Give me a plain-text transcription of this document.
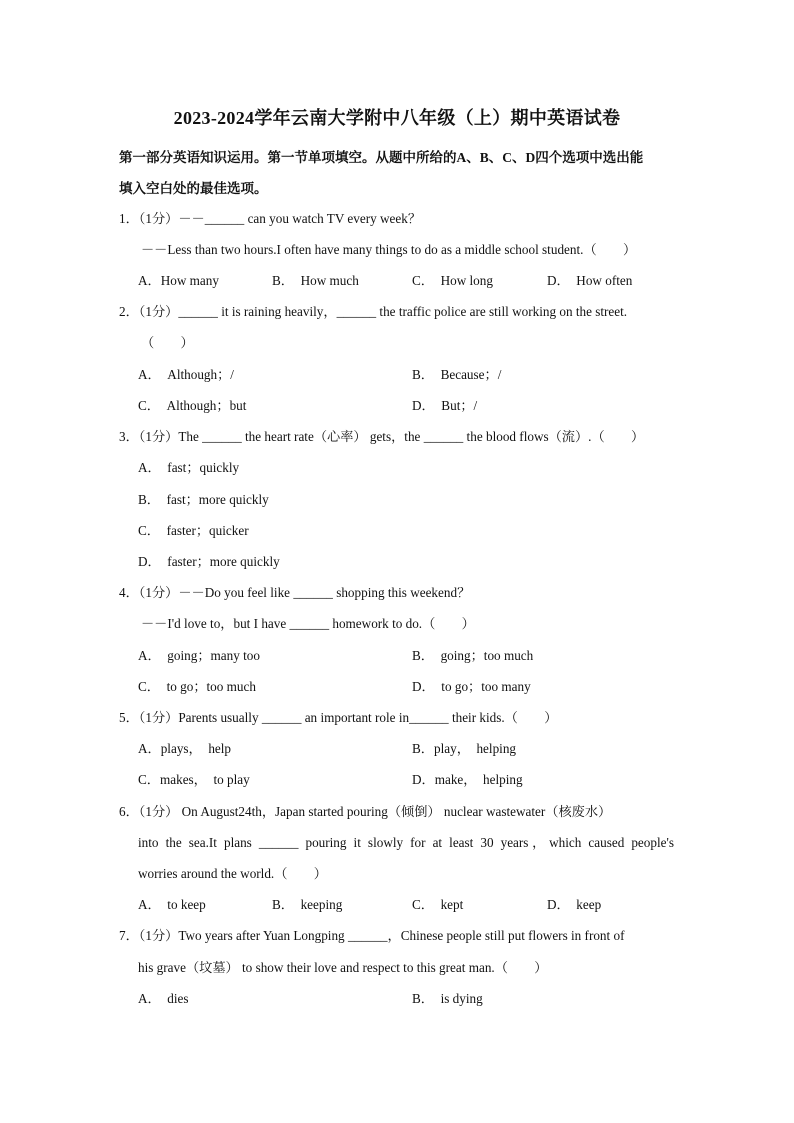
2023-2024学年云南大学附中八年级（上）期中英语试卷
第一部分英语知识运用。第一节单项填空。从题中所给的A、B、C、D四个选项中选出能
填入空白处的最佳选项。
1．（1分）－－______ can you watch TV every week？
－－Less than two hours.I often have many things to do as a middle school student.（　　）
A．How many	B．　How much	C．　How long	D．　How often
2．（1分）______ it is raining heavily，______ the traffic police are still working on the street.
（　　）
A．　Although；/	B．　Because；/
C．　Although；but	D．　But；/
3．（1分）The ______ the heart rate（心率） gets，the ______ the blood flows（流）.（　　）
A．　fast；quickly
B．　fast；more quickly
C．　faster；quicker
D．　faster；more quickly
4．（1分）－－Do you feel like ______ shopping this weekend？
－－I'd love to，but I have ______ homework to do.（　　）
A．　going；many too	B．　going；too much
C．　to go；too much	D．　to go；too many
5．（1分）Parents usually ______ an important role in______ their kids.（　　）
A．plays，　help	B．play，　helping
C．makes，　to play	D．make，　helping
6．（1分） On August24th，Japan started pouring（倾倒） nuclear wastewater（核废水）
into the sea.It plans ______ pouring it slowly for at least 30 years，which caused people's
worries around the world.（　　）
A．　to keep	B．　keeping	C．　kept	D．　keep
7．（1分）Two years after Yuan Longping ______，Chinese people still put flowers in front of
his grave（坟墓） to show their love and respect to this great man.（　　）
A．　dies	B．　is dying
